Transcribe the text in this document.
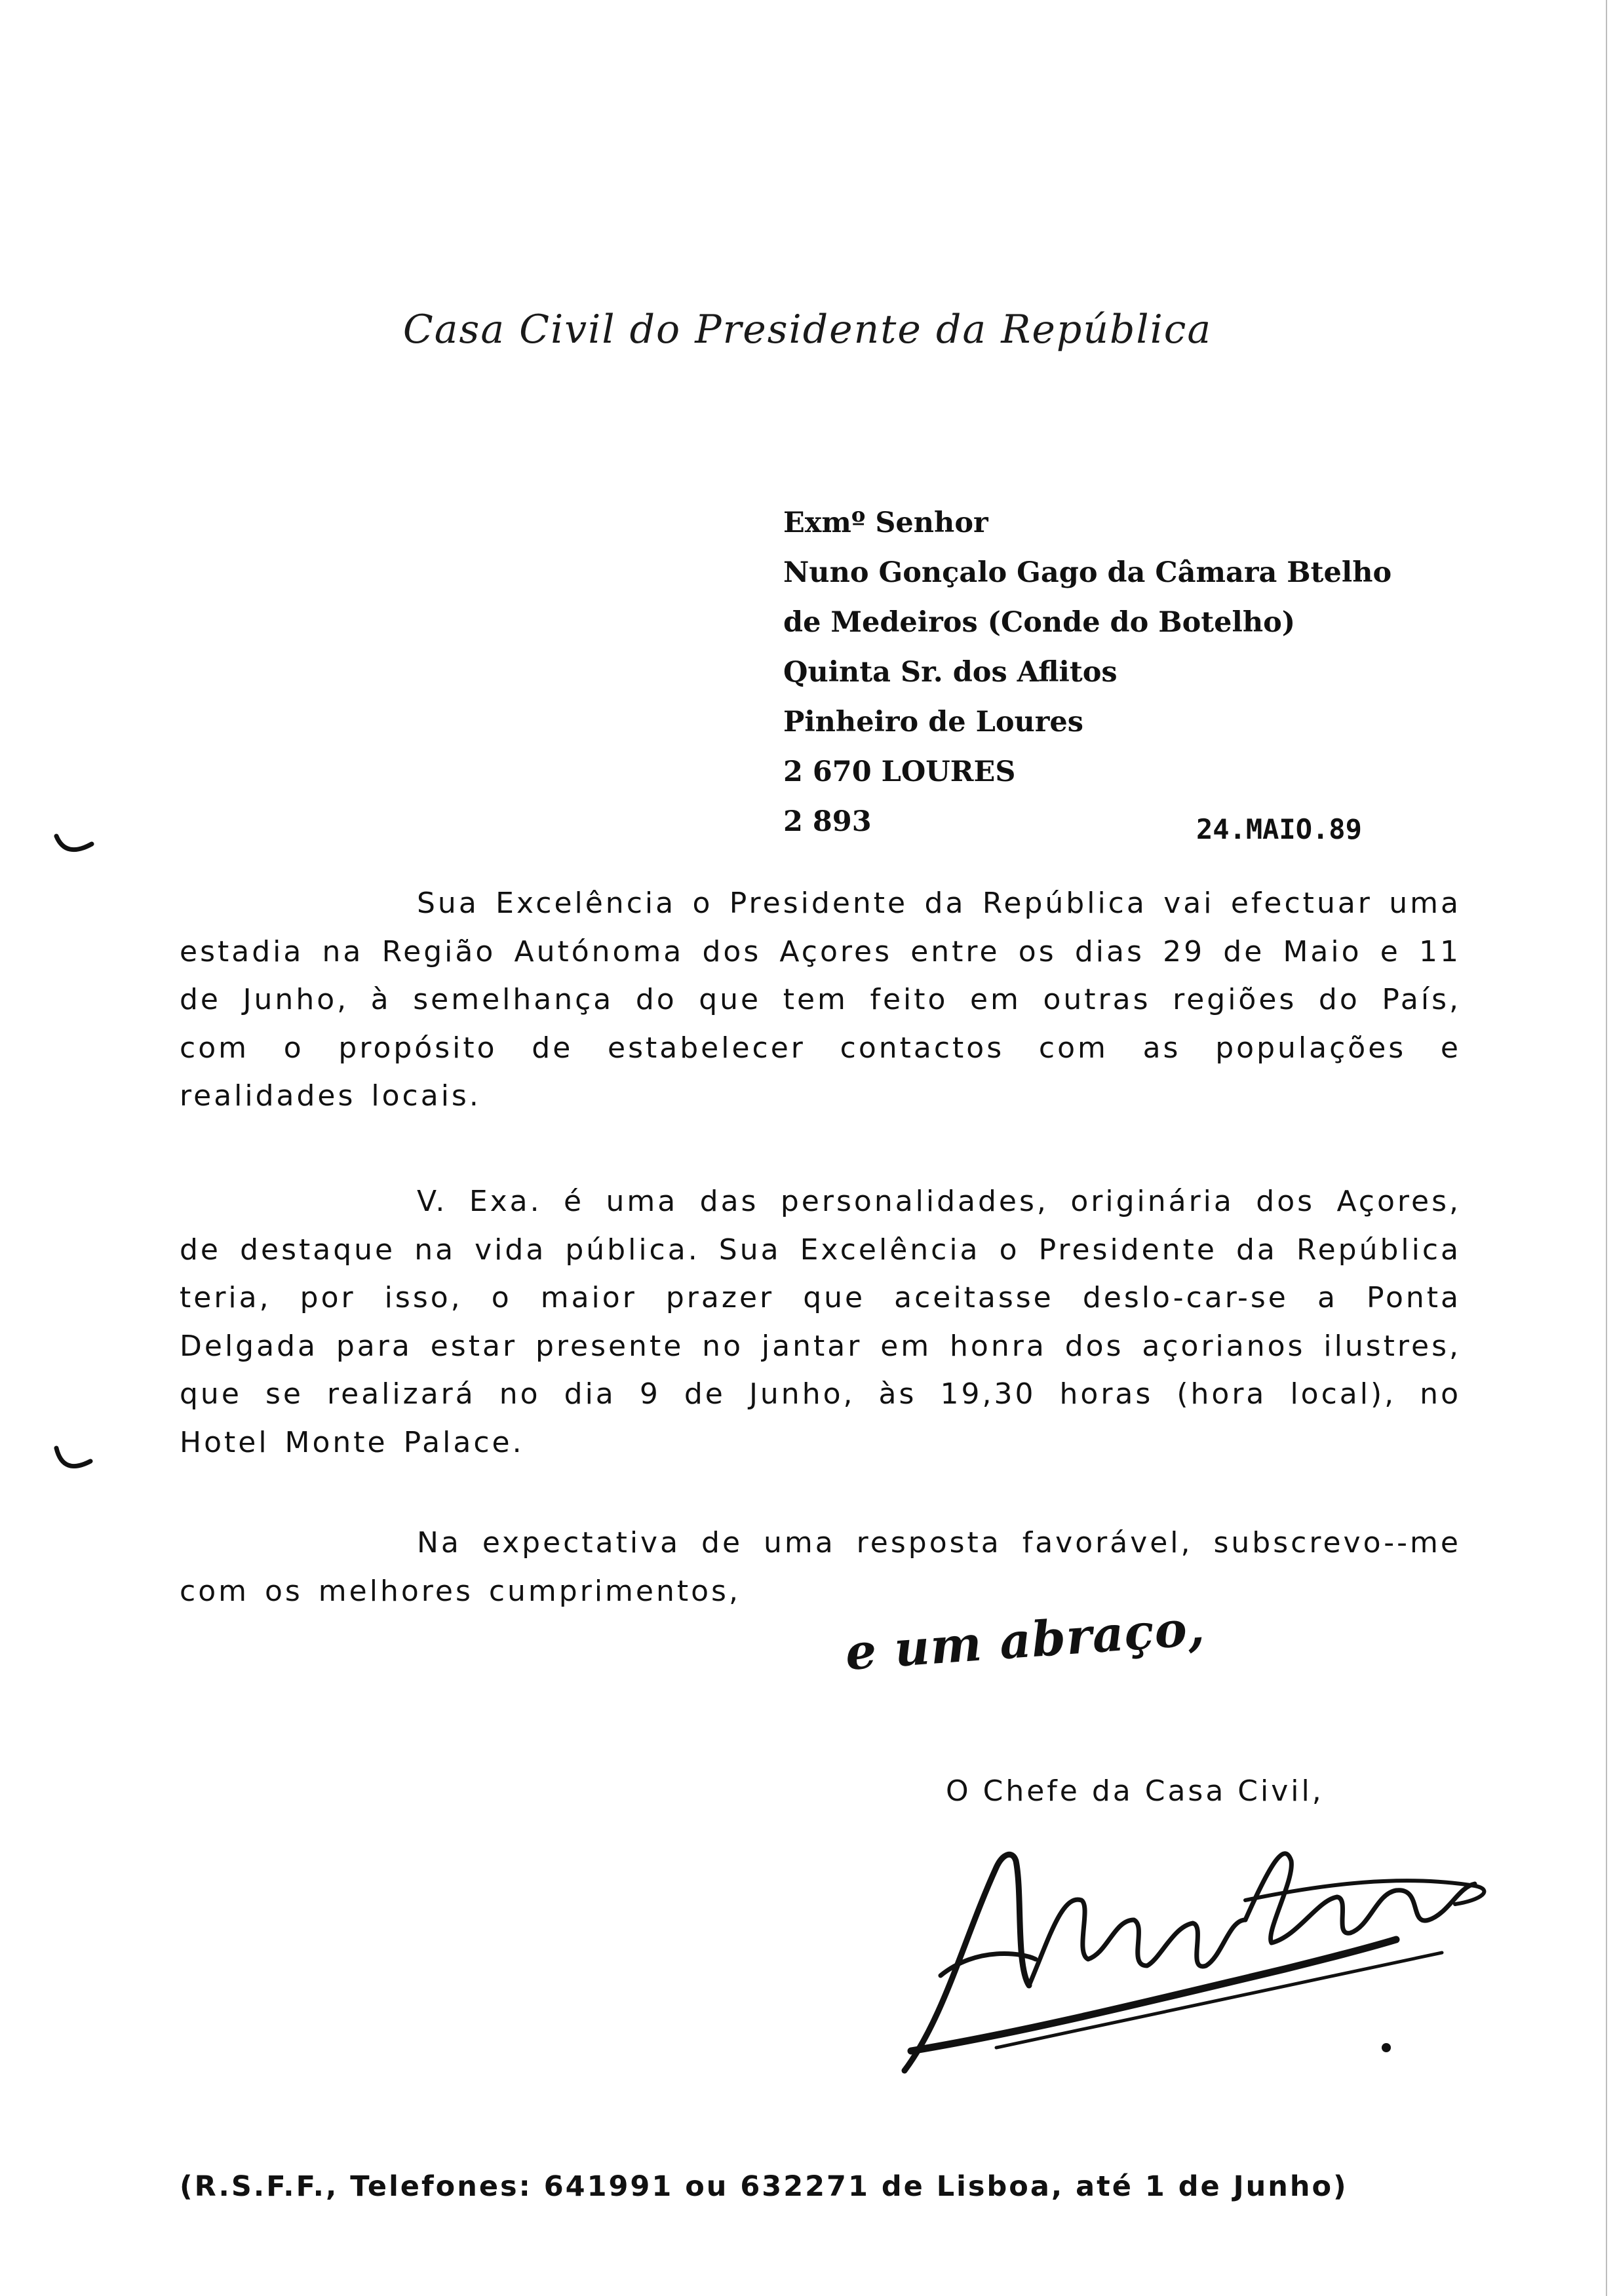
Casa Civil do Presidente da República
Exmº Senhor
Nuno Gonçalo Gago da Câmara Btelho
de Medeiros (Conde do Botelho)
Quinta Sr. dos Aflitos
Pinheiro de Loures
2 670 LOURES
2 893	24.MAIO.89

Sua Excelência o Presidente da República vai efectuar uma estadia na Região Autónoma dos Açores entre os dias 29 de Maio e 11 de Junho, à semelhança do que tem feito em outras regiões do País, com o propósito de estabelecer contactos com as populações e realidades locais.

V. Exa. é uma das personalidades, originária dos Açores, de destaque na vida pública. Sua Excelência o Presidente da República teria, por isso, o maior prazer que aceitasse deslo-car-se a Ponta Delgada para estar presente no jantar em honra dos açorianos ilustres, que se realizará no dia 9 de Junho, às 19,30 horas (hora local), no Hotel Monte Palace.

Na expectativa de uma resposta favorável, subscrevo--me com os melhores cumprimentos,

e um abraço,
O Chefe da Casa Civil,
(R.S.F.F., Telefones: 641991 ou 632271 de Lisboa, até 1 de Junho)
